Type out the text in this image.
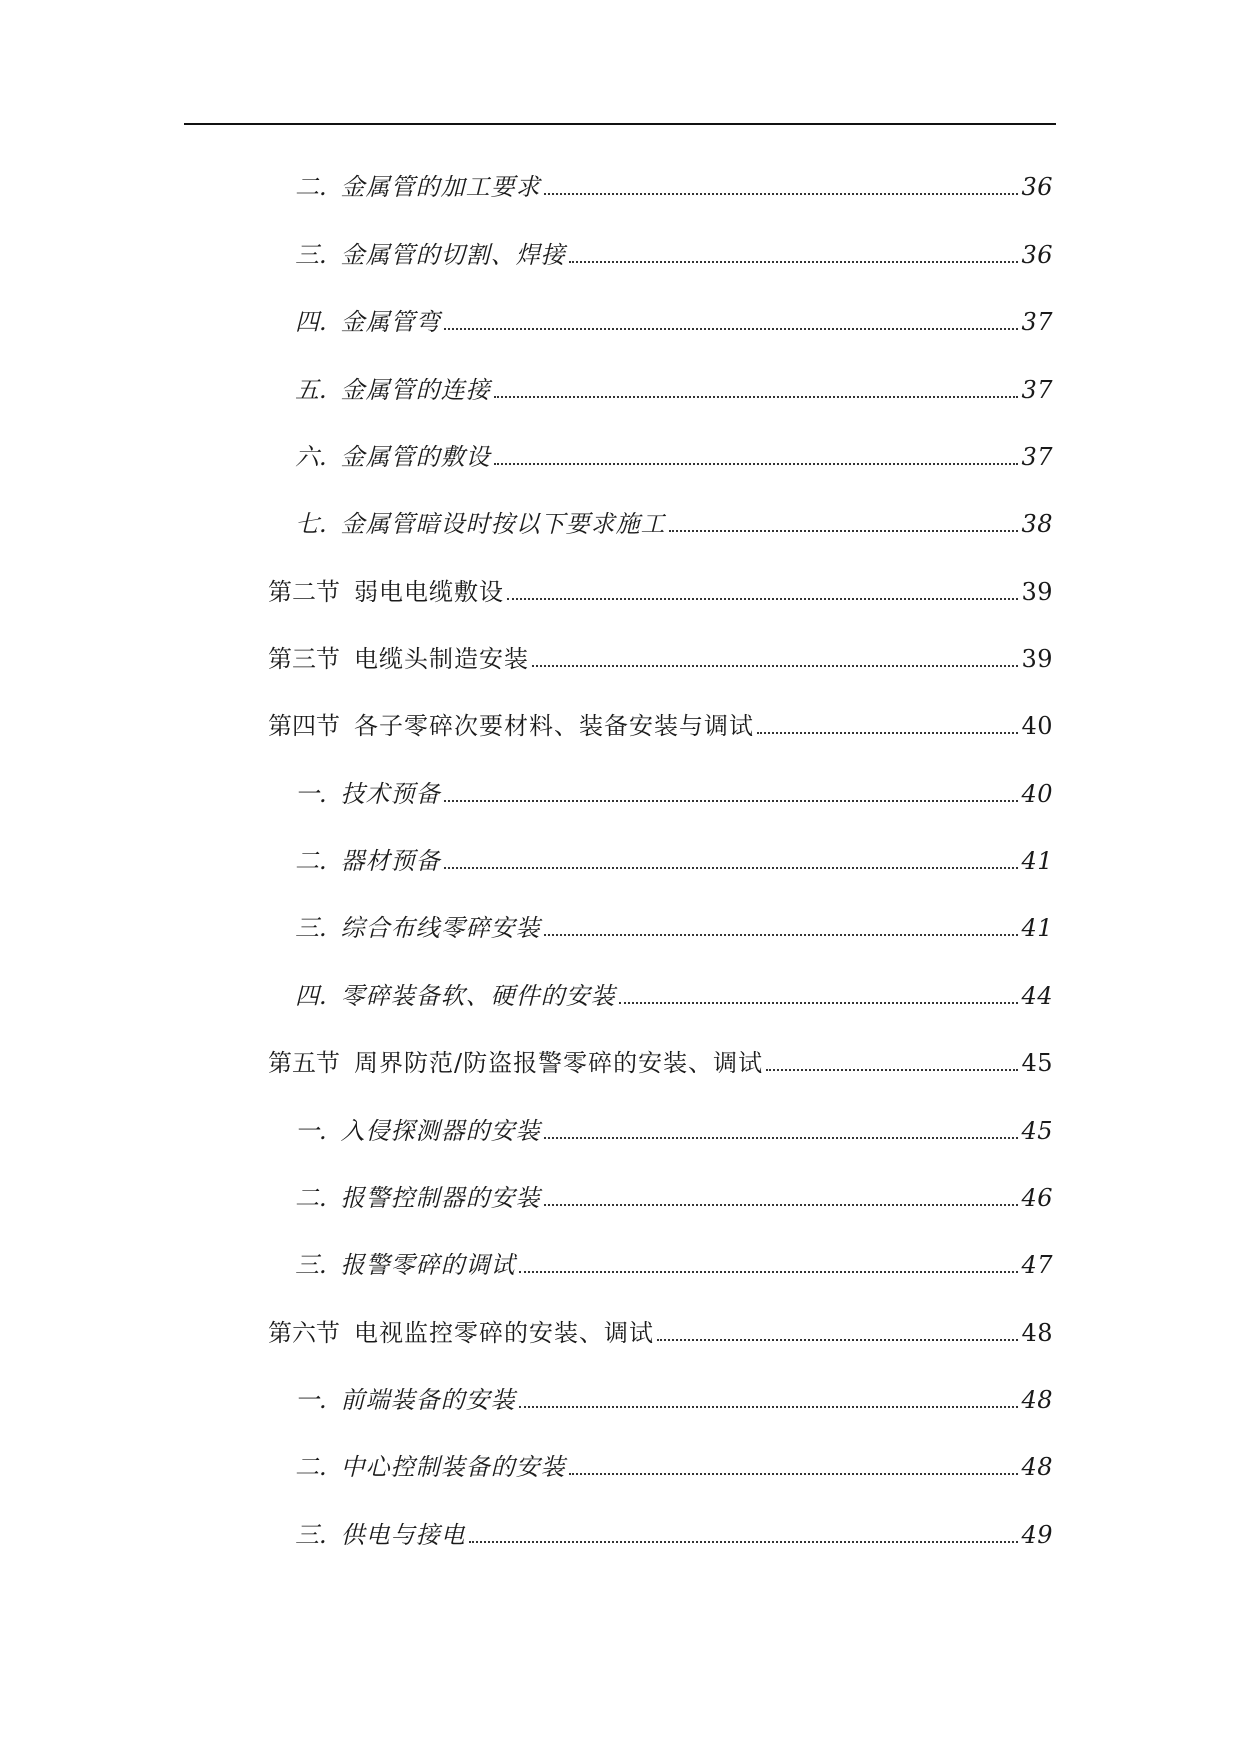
二. 金属管的加工要求	36
三. 金属管的切割、焊接	36
四. 金属管弯	37
五. 金属管的连接	37
六. 金属管的敷设	37
七. 金属管暗设时按以下要求施工	38
第二节 弱电电缆敷设	39
第三节 电缆头制造安装	39
第四节 各子零碎次要材料、装备安装与调试	40
一. 技术预备	40
二. 器材预备	41
三. 综合布线零碎安装	41
四. 零碎装备软、硬件的安装	44
第五节 周界防范/防盗报警零碎的安装、调试	45
一. 入侵探测器的安装	45
二. 报警控制器的安装	46
三. 报警零碎的调试	47
第六节 电视监控零碎的安装、调试	48
一. 前端装备的安装	48
二. 中心控制装备的安装	48
三. 供电与接电	49
